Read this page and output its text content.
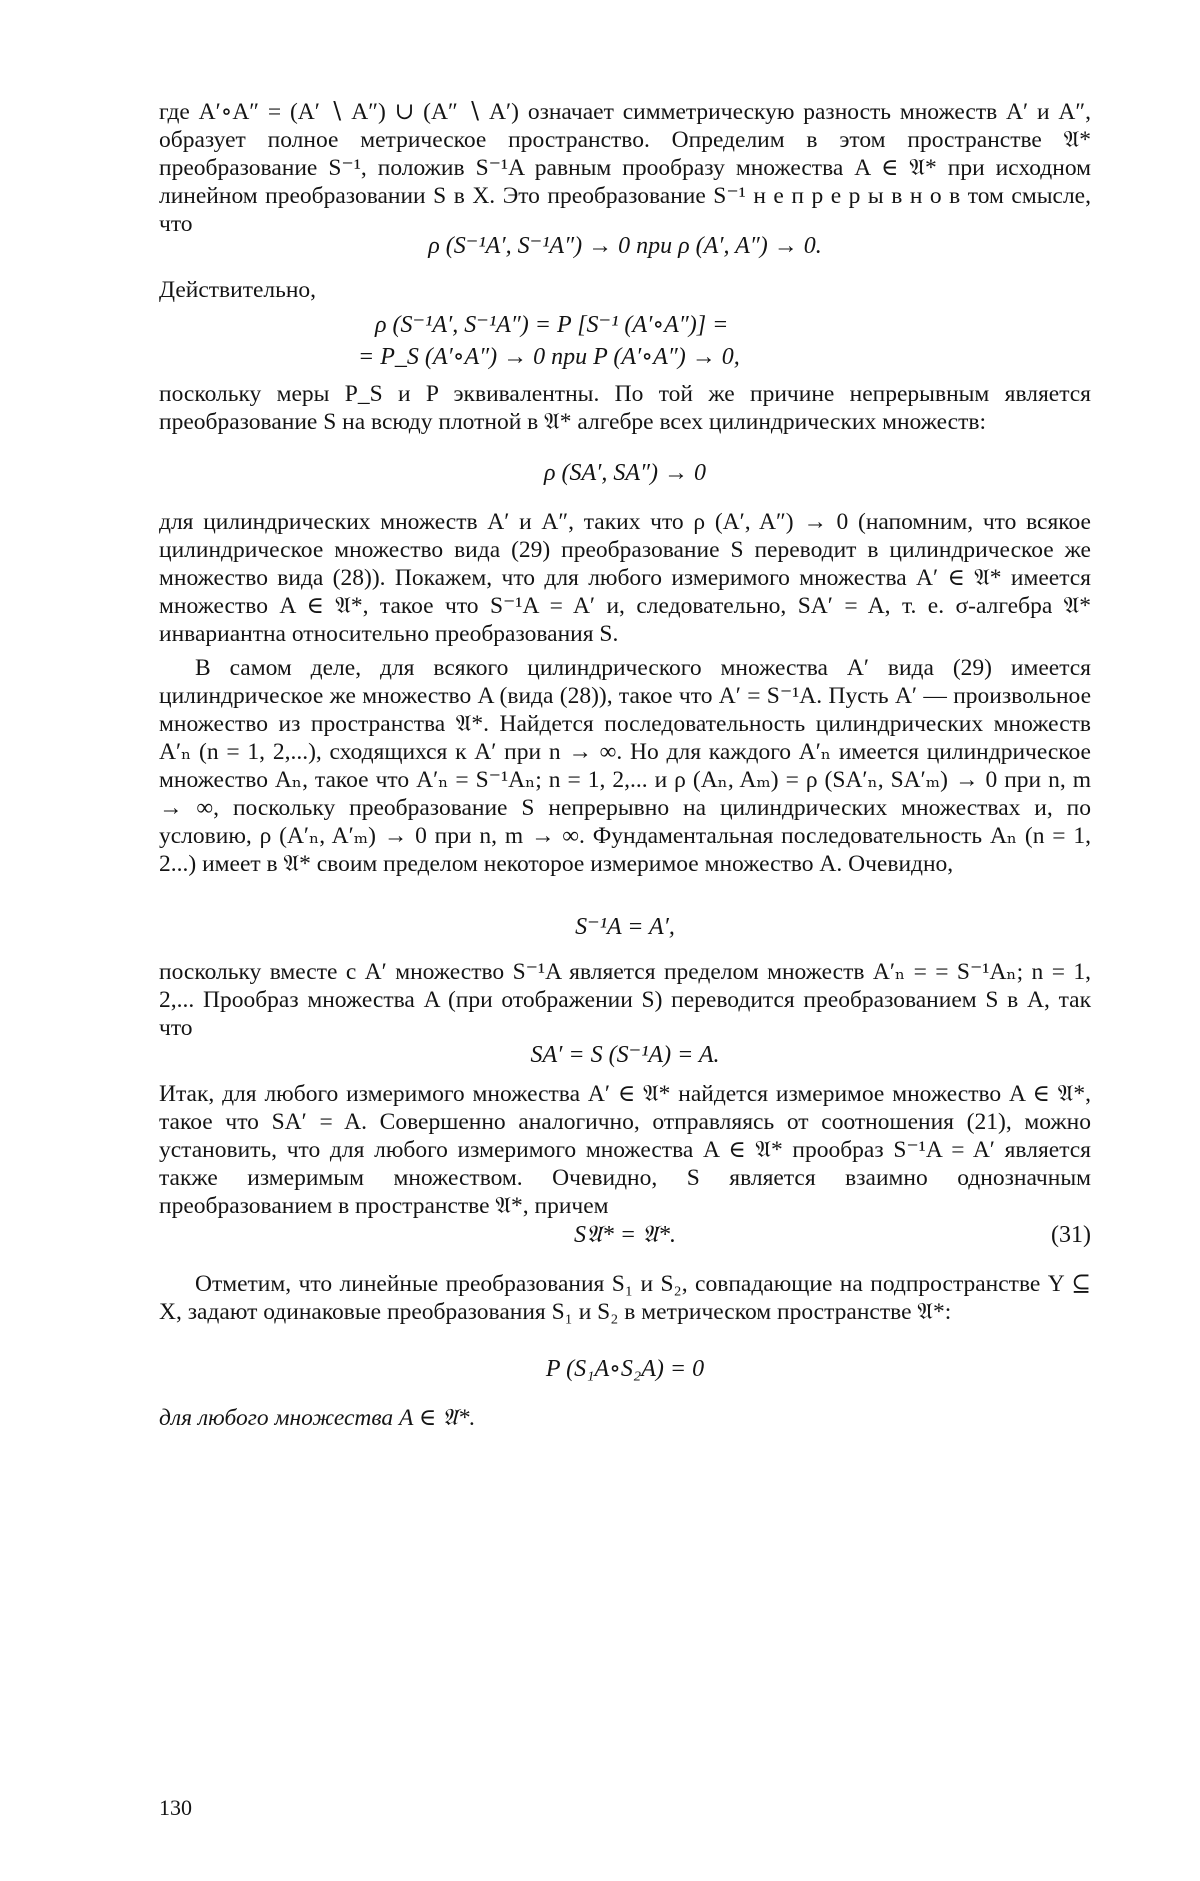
где A′∘A″ = (A′ ∖ A″) ∪ (A″ ∖ A′) означает симметрическую разность множеств A′ и A″, образует полное метрическое пространство. Определим в этом пространстве 𝔄* преобразование S⁻¹, положив S⁻¹A равным прообразу множества A ∈ 𝔄* при исходном линейном преобразовании S в X. Это преобразование S⁻¹ н е п р е р ы в н о в том смысле, что

ρ (S⁻¹A′, S⁻¹A″) → 0 при ρ (A′, A″) → 0.

Действительно,

ρ (S⁻¹A′, S⁻¹A″) = P [S⁻¹ (A′∘A″)] =
= P_S (A′∘A″) → 0 при P (A′∘A″) → 0,

поскольку меры P_S и P эквивалентны. По той же причине непрерывным является преобразование S на всюду плотной в 𝔄* алгебре всех цилиндрических множеств:

ρ (SA′, SA″) → 0

для цилиндрических множеств A′ и A″, таких что ρ (A′, A″) → 0 (напомним, что всякое цилиндрическое множество вида (29) преобразование S переводит в цилиндрическое же множество вида (28)). Покажем, что для любого измеримого множества A′ ∈ 𝔄* имеется множество A ∈ 𝔄*, такое что S⁻¹A = A′ и, следовательно, SA′ = A, т. е. σ-алгебра 𝔄* инвариантна относительно преобразования S.

В самом деле, для всякого цилиндрического множества A′ вида (29) имеется цилиндрическое же множество A (вида (28)), такое что A′ = S⁻¹A. Пусть A′ — произвольное множество из пространства 𝔄*. Найдется последовательность цилиндрических множеств A′ₙ (n = 1, 2,...), сходящихся к A′ при n → ∞. Но для каждого A′ₙ имеется цилиндрическое множество Aₙ, такое что A′ₙ = S⁻¹Aₙ; n = 1, 2,... и ρ (Aₙ, Aₘ) = ρ (SA′ₙ, SA′ₘ) → 0 при n, m → ∞, поскольку преобразование S непрерывно на цилиндрических множествах и, по условию, ρ (A′ₙ, A′ₘ) → 0 при n, m → ∞. Фундаментальная последовательность Aₙ (n = 1, 2...) имеет в 𝔄* своим пределом некоторое измеримое множество A. Очевидно,

S⁻¹A = A′,

поскольку вместе с A′ множество S⁻¹A является пределом множеств A′ₙ = = S⁻¹Aₙ; n = 1, 2,... Прообраз множества A (при отображении S) переводится преобразованием S в A, так что

SA′ = S (S⁻¹A) = A.

Итак, для любого измеримого множества A′ ∈ 𝔄* найдется измеримое множество A ∈ 𝔄*, такое что SA′ = A. Совершенно аналогично, отправляясь от соотношения (21), можно установить, что для любого измеримого множества A ∈ 𝔄* прообраз S⁻¹A = A′ является также измеримым множеством. Очевидно, S является взаимно однозначным преобразованием в пространстве 𝔄*, причем

S𝔄* = 𝔄*.	(31)

Отметим, что линейные преобразования S₁ и S₂, совпадающие на подпространстве Y ⊆ X, задают одинаковые преобразования S₁ и S₂ в метрическом пространстве 𝔄*:

P (S₁A∘S₂A) = 0

для любого множества A ∈ 𝔄*.

130
